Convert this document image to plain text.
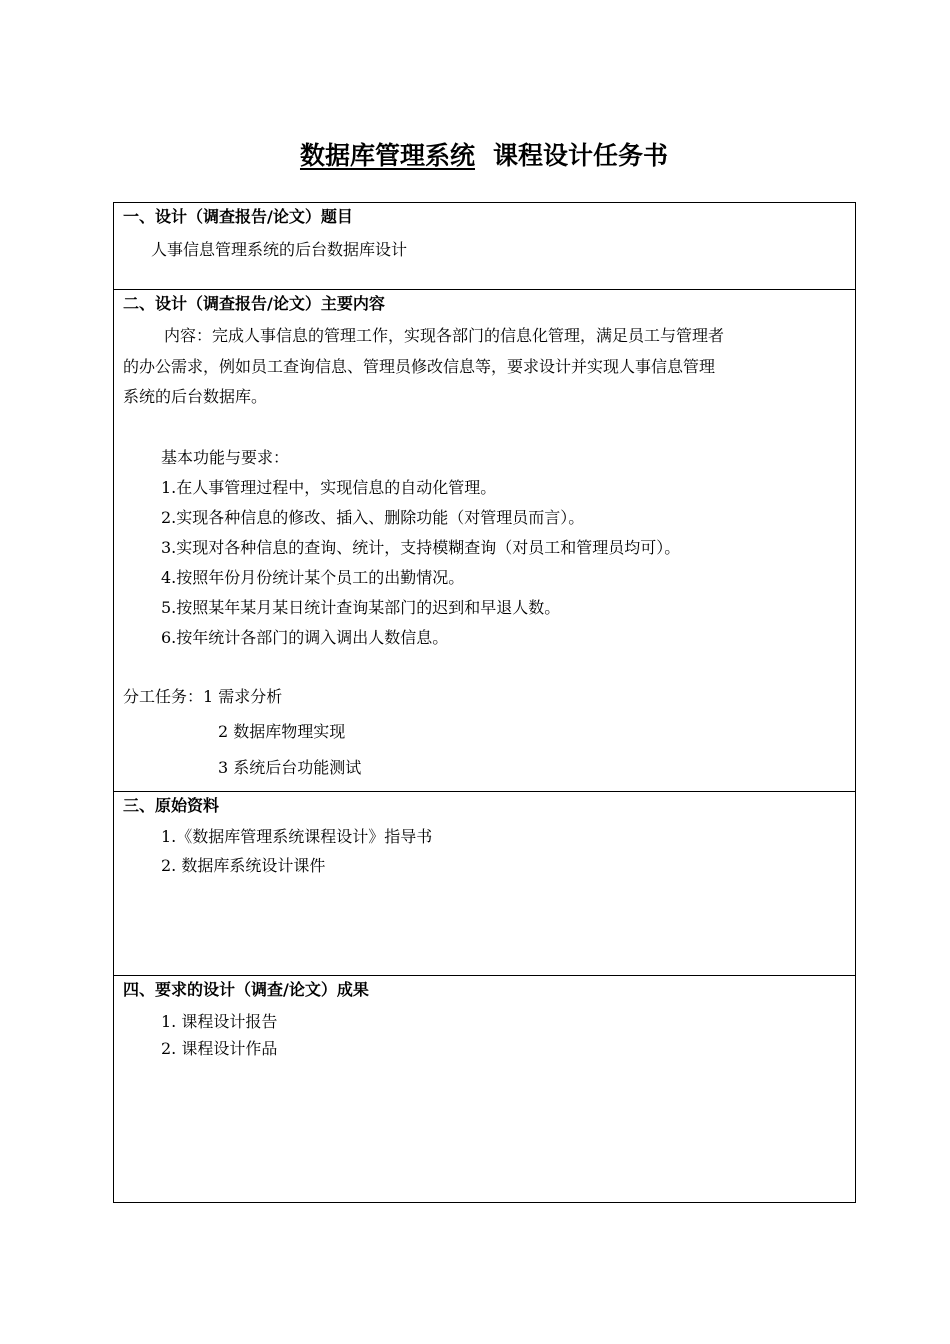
数据库管理系统 课程设计任务书
一、设计（调查报告/论文）题目
人事信息管理系统的后台数据库设计
二、设计（调查报告/论文）主要内容
内容：完成人事信息的管理工作，实现各部门的信息化管理，满足员工与管理者
的办公需求，例如员工查询信息、管理员修改信息等，要求设计并实现人事信息管理
系统的后台数据库。
基本功能与要求：
1.在人事管理过程中，实现信息的自动化管理。
2.实现各种信息的修改、插入、删除功能（对管理员而言）。
3.实现对各种信息的查询、统计，支持模糊查询（对员工和管理员均可）。
4.按照年份月份统计某个员工的出勤情况。
5.按照某年某月某日统计查询某部门的迟到和早退人数。
6.按年统计各部门的调入调出人数信息。
分工任务：1 需求分析
2 数据库物理实现
3 系统后台功能测试
三、原始资料
1.《数据库管理系统课程设计》指导书
2. 数据库系统设计课件
四、要求的设计（调查/论文）成果
1. 课程设计报告
2. 课程设计作品
